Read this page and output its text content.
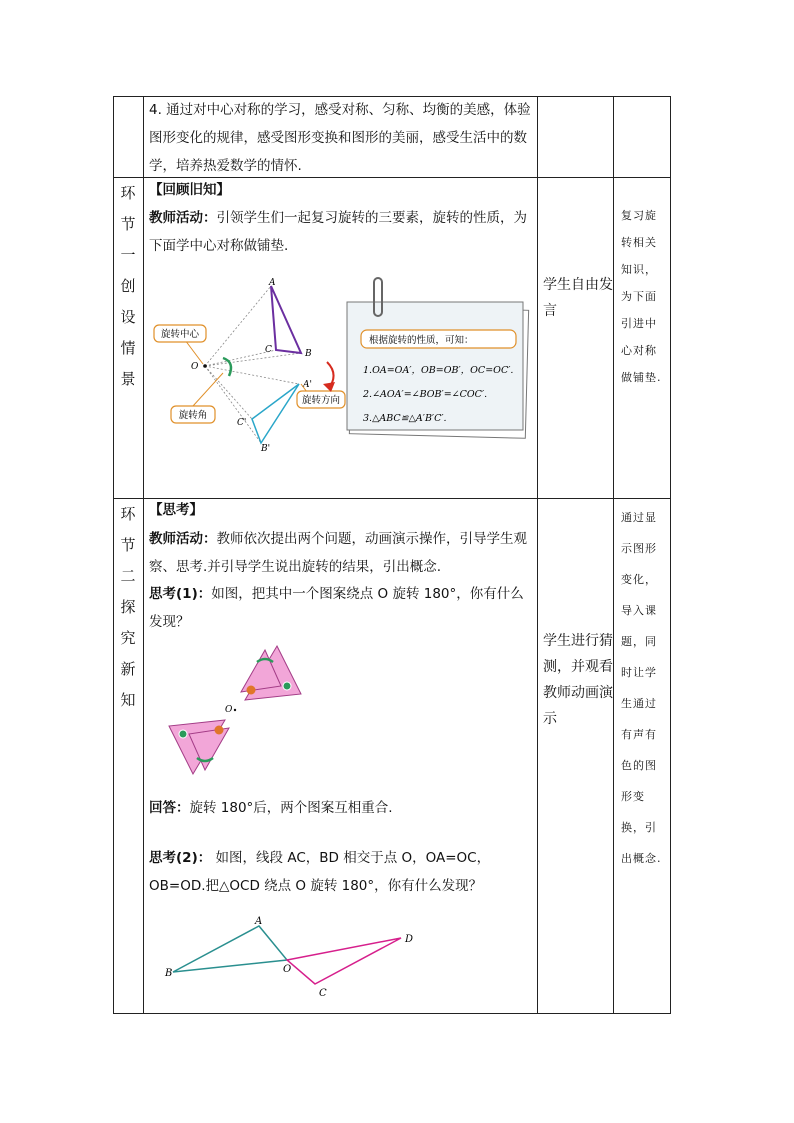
4. 通过对中心对称的学习，感受对称、匀称、均衡的美感，体验图形变化的规律，感受图形变换和图形的美丽，感受生活中的数学，培养热爱数学的情怀.
环
节
一
创
设
情
景
【回顾旧知】
教师活动：引领学生们一起复习旋转的三要素，旋转的性质，为下面学中心对称做铺垫.
A
B
C
O
A'
B'
C'
旋转中心
旋转角
旋转方向
根据旋转的性质，可知：
1.OA=OA′，OB=OB′，OC=OC′.
2.∠AOA′=∠BOB′=∠COC′.
3.△ABC≌△A′B′C′.
学生自由发言
复习旋转相关知识，为下面引进中心对称做铺垫.
环
节
二
探
究
新
知
【思考】
教师活动：教师依次提出两个问题，动画演示操作，引导学生观察、思考.并引导学生说出旋转的结果，引出概念.
思考(1)：如图，把其中一个图案绕点 O 旋转 180°，你有什么发现？
O
回答：旋转 180°后，两个图案互相重合.
思考(2)： 如图，线段 AC，BD 相交于点 O，OA=OC，OB=OD.把△OCD 绕点 O 旋转 180°，你有什么发现？
A
B
C
D
O
学生进行猜测，并观看教师动画演示
通过显示图形变化，导入课题，同时让学生通过有声有色的图形变换，引出概念.
